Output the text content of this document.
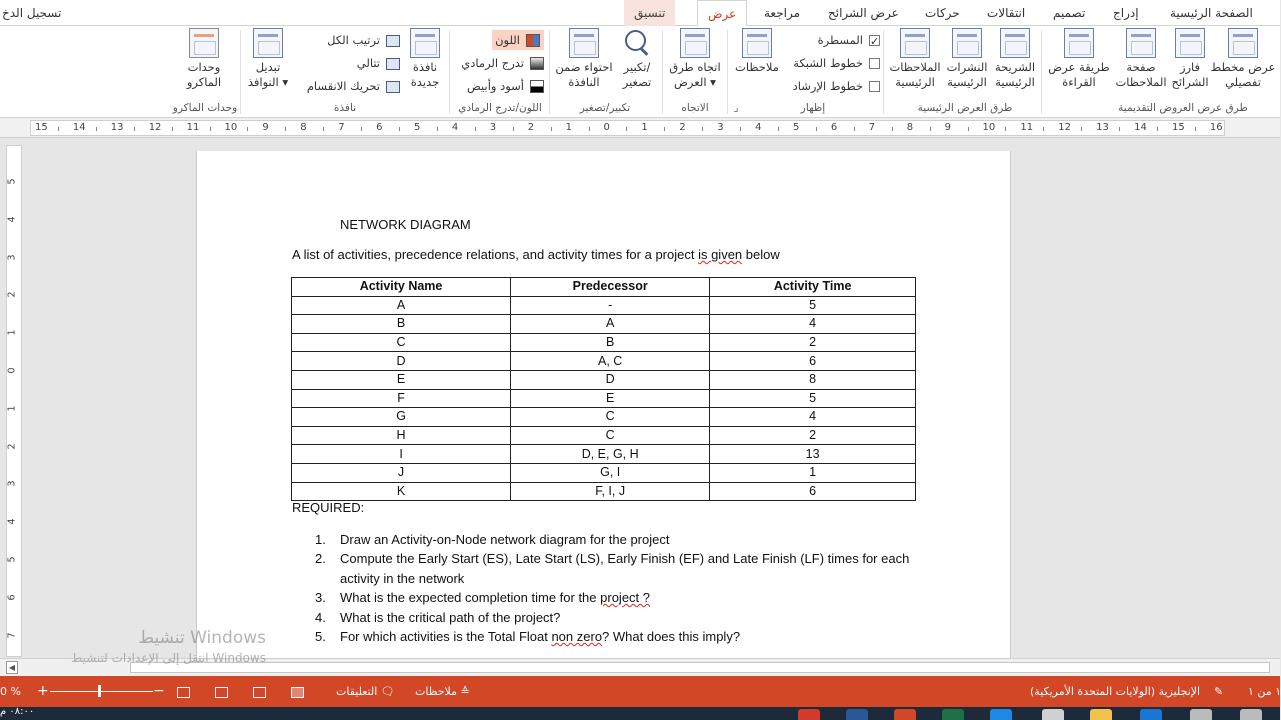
تسجيل الدخ	الصفحة الرئيسية
إدراج
تصميم
انتقالات
حركات
عرض الشرائح
مراجعة
عرض
تنسيق
عرض مخطط
تفصيلي
فارز
الشرائح
صفحة
الملاحظات
طريقة عرض
القراءة
طرق عرض العروض التقديمية
الشريحة
الرئيسية
النشرات
الرئيسية
الملاحظات
الرئيسية
طرق العرض الرئيسية
✓المسطرة
خطوط الشبكة
خطوط الإرشاد
ملاحظات
إظهار
⌟
اتجاه طرق
العرض ▾
الاتجاه
تكبير/
تصغير
احتواء ضمن
النافذة
تكبير/تصغير
اللون
تدرج الرمادي
أسود وأبيض
اللون/تدرج الرمادي
نافذة
جديدة
ترتيب الكل
تتالي
تحريك الانقسام
تبديل
النوافذ ▾
نافذة
وحدات
الماكرو
وحدات الماكرو
15	14	13	12	11	10	9	8	7	6	5	4	3	2	1	0	1	2	3	4	5	6	7	8	9	10	11	12	13	14	15	16
5
4
3
2
1
0
1
2
3
4
5
6
7
NETWORK DIAGRAM
A list of activities, precedence relations, and activity times for a project is given below
Activity Name	Predecessor	Activity Time
A	-	5
B	A	4
C	B	2
D	A, C	6
E	D	8
F	E	5
G	C	4
H	C	2
I	D, E, G, H	13
J	G, I	1
K	F, I, J	6
REQUIRED:
1. Draw an Activity-on-Node network diagram for the project
2. Compute the Early Start (ES), Late Start (LS), Early Finish (EF) and Late Finish (LF) times for each activity in the network
3. What is the expected completion time for the project ?
4. What is the critical path of the project?
5. For which activities is the Total Float non zero? What does this imply?
◀
تنشيط Windows
انتقل إلى الإعدادات لتنشيط Windows
0 % +	−	التعليقات 🗨 ملاحظات ≙	الإنجليزية (الولايات المتحدة الأمريكية) ✎ ١ من ١
٠٨:٠٠ م
